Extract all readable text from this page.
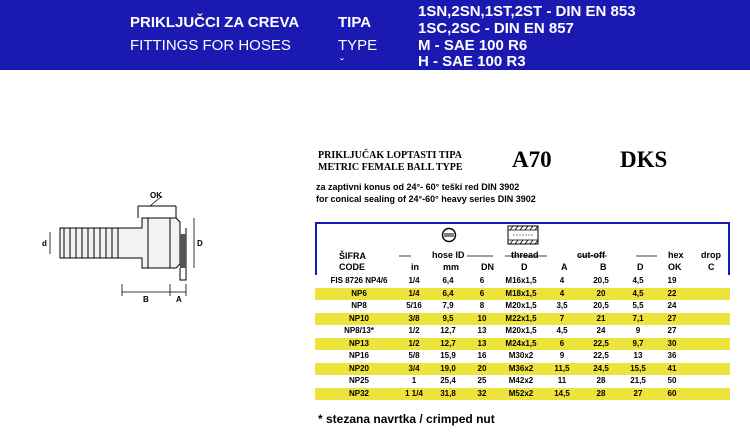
PRIKLJUČCI ZA CREVA
FITTINGS FOR HOSES
TIPA
TYPE
ˇ
1SN,2SN,1ST,2ST - DIN EN 853
1SC,2SC - DIN EN 857
M - SAE 100 R6
H - SAE 100 R3
OK
d	D
B	A
PRIKLJUČAK LOPTASTI TIPA
METRIC FEMALE BALL TYPE A70	DKS
za zaptivni konus od 24°- 60° teški red DIN 3902
for conical sealing of 24°-60° heavy series DIN 3902
ŠIFRA
CODE
hose ID	thread	cut-off	hex drop
in	mm DN	D	A	B	D	OK	C
FIS 8726 NP4/6	1/4	6,4	6	M16x1,5	4	20,5	4,5	19
NP6	1/4	6,4	6	M18x1,5	4	20	4,5	22
NP8	5/16	7,9	8	M20x1,5	3,5	20,5	5,5	24
NP10	3/8	9,5	10	M22x1,5	7	21	7,1	27
NP8/13*	1/2	12,7	13	M20x1,5	4,5	24	9	27
NP13	1/2	12,7	13	M24x1,5	6	22,5	9,7	30
NP16	5/8	15,9	16	M30x2	9	22,5	13	36
NP20	3/4	19,0	20	M36x2	11,5	24,5	15,5	41
NP25	1	25,4	25	M42x2	11	28	21,5	50
NP32	1 1/4	31,8	32	M52x2	14,5	28	27	60
* stezana navrtka / crimped nut
